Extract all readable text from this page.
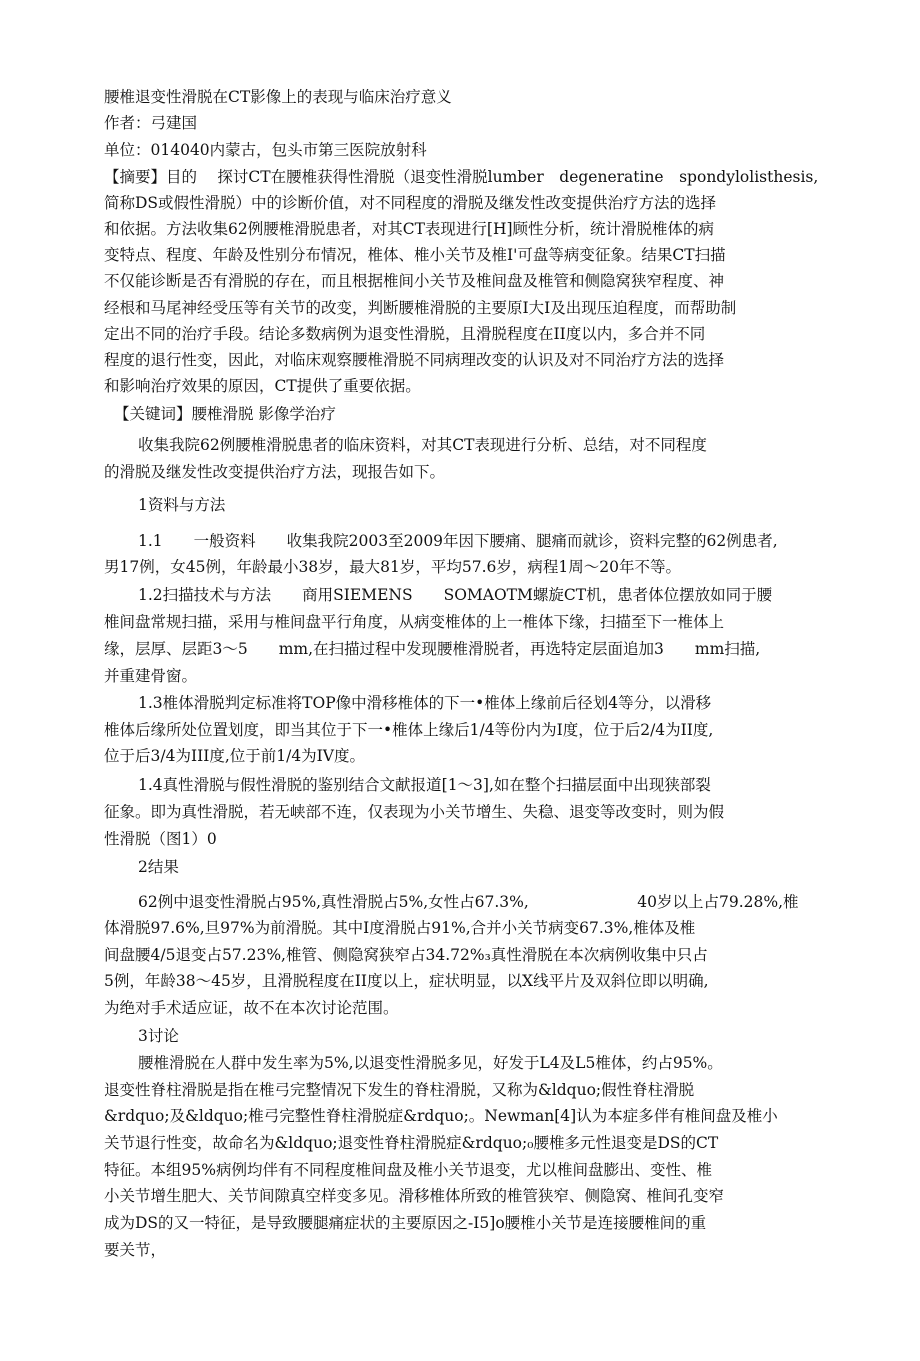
腰椎退变性滑脱在CT影像上的表现与临床治疗意义
作者：弓建国
单位：014040内蒙古，包头市第三医院放射科
【摘要】目的　 探讨CT在腰椎获得性滑脱（退变性滑脱lumber　degeneratine　spondylolisthesis,
简称DS或假性滑脱）中的诊断价值，对不同程度的滑脱及继发性改变提供治疗方法的选择
和依据。方法收集62例腰椎滑脱患者，对其CT表现进行[H]顾性分析，统计滑脱椎体的病
变特点、程度、年龄及性别分布情况，椎体、椎小关节及椎I'可盘等病变征象。结果CT扫描
不仅能诊断是否有滑脱的存在，而且根据椎间小关节及椎间盘及椎管和侧隐窝狭窄程度、神
经根和马尾神经受压等有关节的改变，判断腰椎滑脱的主要原I大I及出现压迫程度，而帮助制
定出不同的治疗手段。结论多数病例为退变性滑脱，且滑脱程度在II度以内，多合并不同
程度的退行性变，因此，对临床观察腰椎滑脱不同病理改变的认识及对不同治疗方法的选择
和影响治疗效果的原因，CT提供了重要依据。
【关键词】腰椎滑脱 影像学治疗
收集我院62例腰椎滑脱患者的临床资料，对其CT表现进行分析、总结，对不同程度
的滑脱及继发性改变提供治疗方法，现报告如下。
1资料与方法
1.1　　一般资料　　收集我院2003至2009年因下腰痛、腿痛而就诊，资料完整的62例患者,
男17例，女45例，年龄最小38岁，最大81岁，平均57.6岁，病程1周〜20年不等。
1.2扫描技术与方法　　商用SIEMENS　　SOMAOTM螺旋CT机，患者体位摆放如同于腰
椎间盘常规扫描，采用与椎间盘平行角度，从病变椎体的上一椎体下缘，扫描至下一椎体上
缘，层厚、层距3〜5　　mm,在扫描过程中发现腰椎滑脱者，再选特定层面追加3　　mm扫描,
并重建骨窗。
1.3椎体滑脱判定标准将TOP像中滑移椎体的下一•椎体上缘前后径划4等分，以滑移
椎体后缘所处位置划度，即当其位于下一•椎体上缘后1/4等份内为I度，位于后2/4为II度,
位于后3/4为III度,位于前1/4为IV度。
1.4真性滑脱与假性滑脱的鉴别结合文献报道[1〜3],如在整个扫描层面中出现狭部裂
征象。即为真性滑脱，若无峡部不连，仅表现为小关节增生、失稳、退变等改变时，则为假
性滑脱（图1）0
2结果
62例中退变性滑脱占95%,真性滑脱占5%,女性占67.3%,　　　　　　　40岁以上占79.28%,椎
体滑脱97.6%,旦97%为前滑脱。其中I度滑脱占91%,合并小关节病变67.3%,椎体及椎
间盘腰4/5退变占57.23%,椎管、侧隐窝狭窄占34.72%₃真性滑脱在本次病例收集中只占
5例，年龄38〜45岁，且滑脱程度在II度以上，症状明显，以X线平片及双斜位即以明确,
为绝对手术适应证，故不在本次讨论范围。
3讨论
腰椎滑脱在人群中发生率为5%,以退变性滑脱多见，好发于L4及L5椎体，约占95%。
退变性脊柱滑脱是指在椎弓完整情况下发生的脊柱滑脱，又称为&ldquo;假性脊柱滑脱
&rdquo;及&ldquo;椎弓完整性脊柱滑脱症&rdquo;。Newman[4]认为本症多伴有椎间盘及椎小
关节退行性变，故命名为&ldquo;退变性脊柱滑脱症&rdquo;₀腰椎多元性退变是DS的CT
特征。本组95%病例均伴有不同程度椎间盘及椎小关节退变，尤以椎间盘膨出、变性、椎
小关节增生肥大、关节间隙真空样变多见。滑移椎体所致的椎管狭窄、侧隐窝、椎间孔变窄
成为DS的又一特征，是导致腰腿痛症状的主要原因之-I5]o腰椎小关节是连接腰椎间的重
要关节，
